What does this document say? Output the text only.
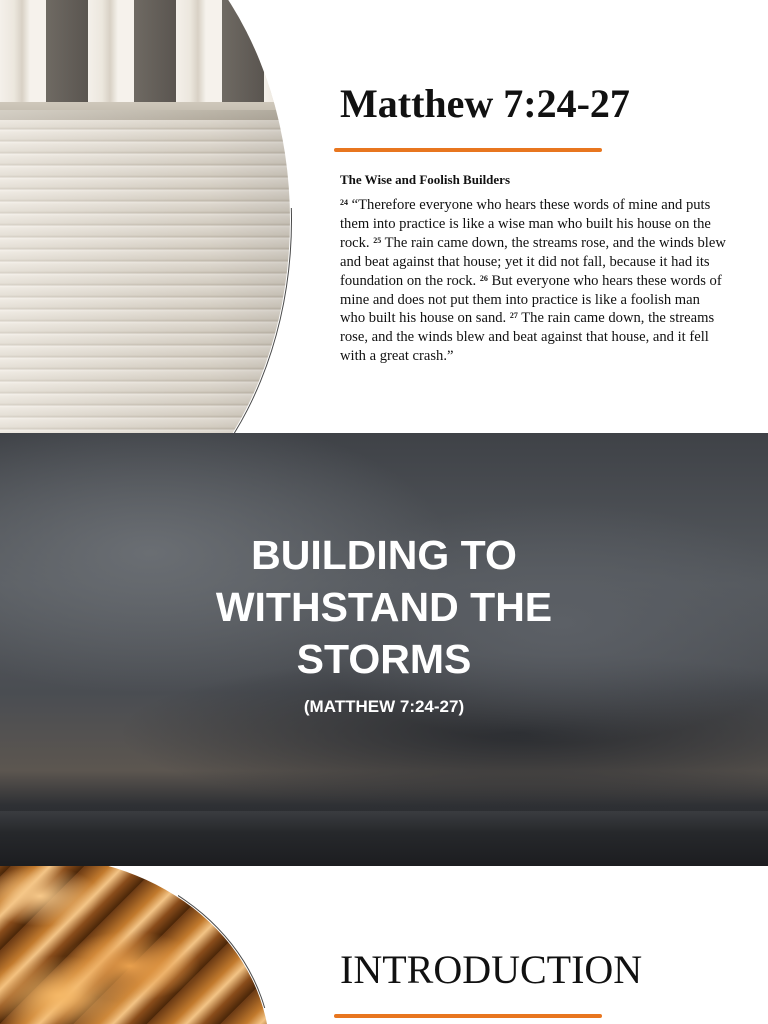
Matthew 7:24-27
The Wise and Foolish Builders

$^{24}$ “Therefore everyone who hears these words of mine and puts them into practice is like a wise man who built his house on the rock. $^{25}$ The rain came down, the streams rose, and the winds blew and beat against that house; yet it did not fall, because it had its foundation on the rock. $^{26}$ But everyone who hears these words of mine and does not put them into practice is like a foolish man who built his house on sand. $^{27}$ The rain came down, the streams rose, and the winds blew and beat against that house, and it fell with a great crash.”

BUILDING TO
WITHSTAND THE
STORMS
(MATTHEW 7:24-27)
INTRODUCTION
